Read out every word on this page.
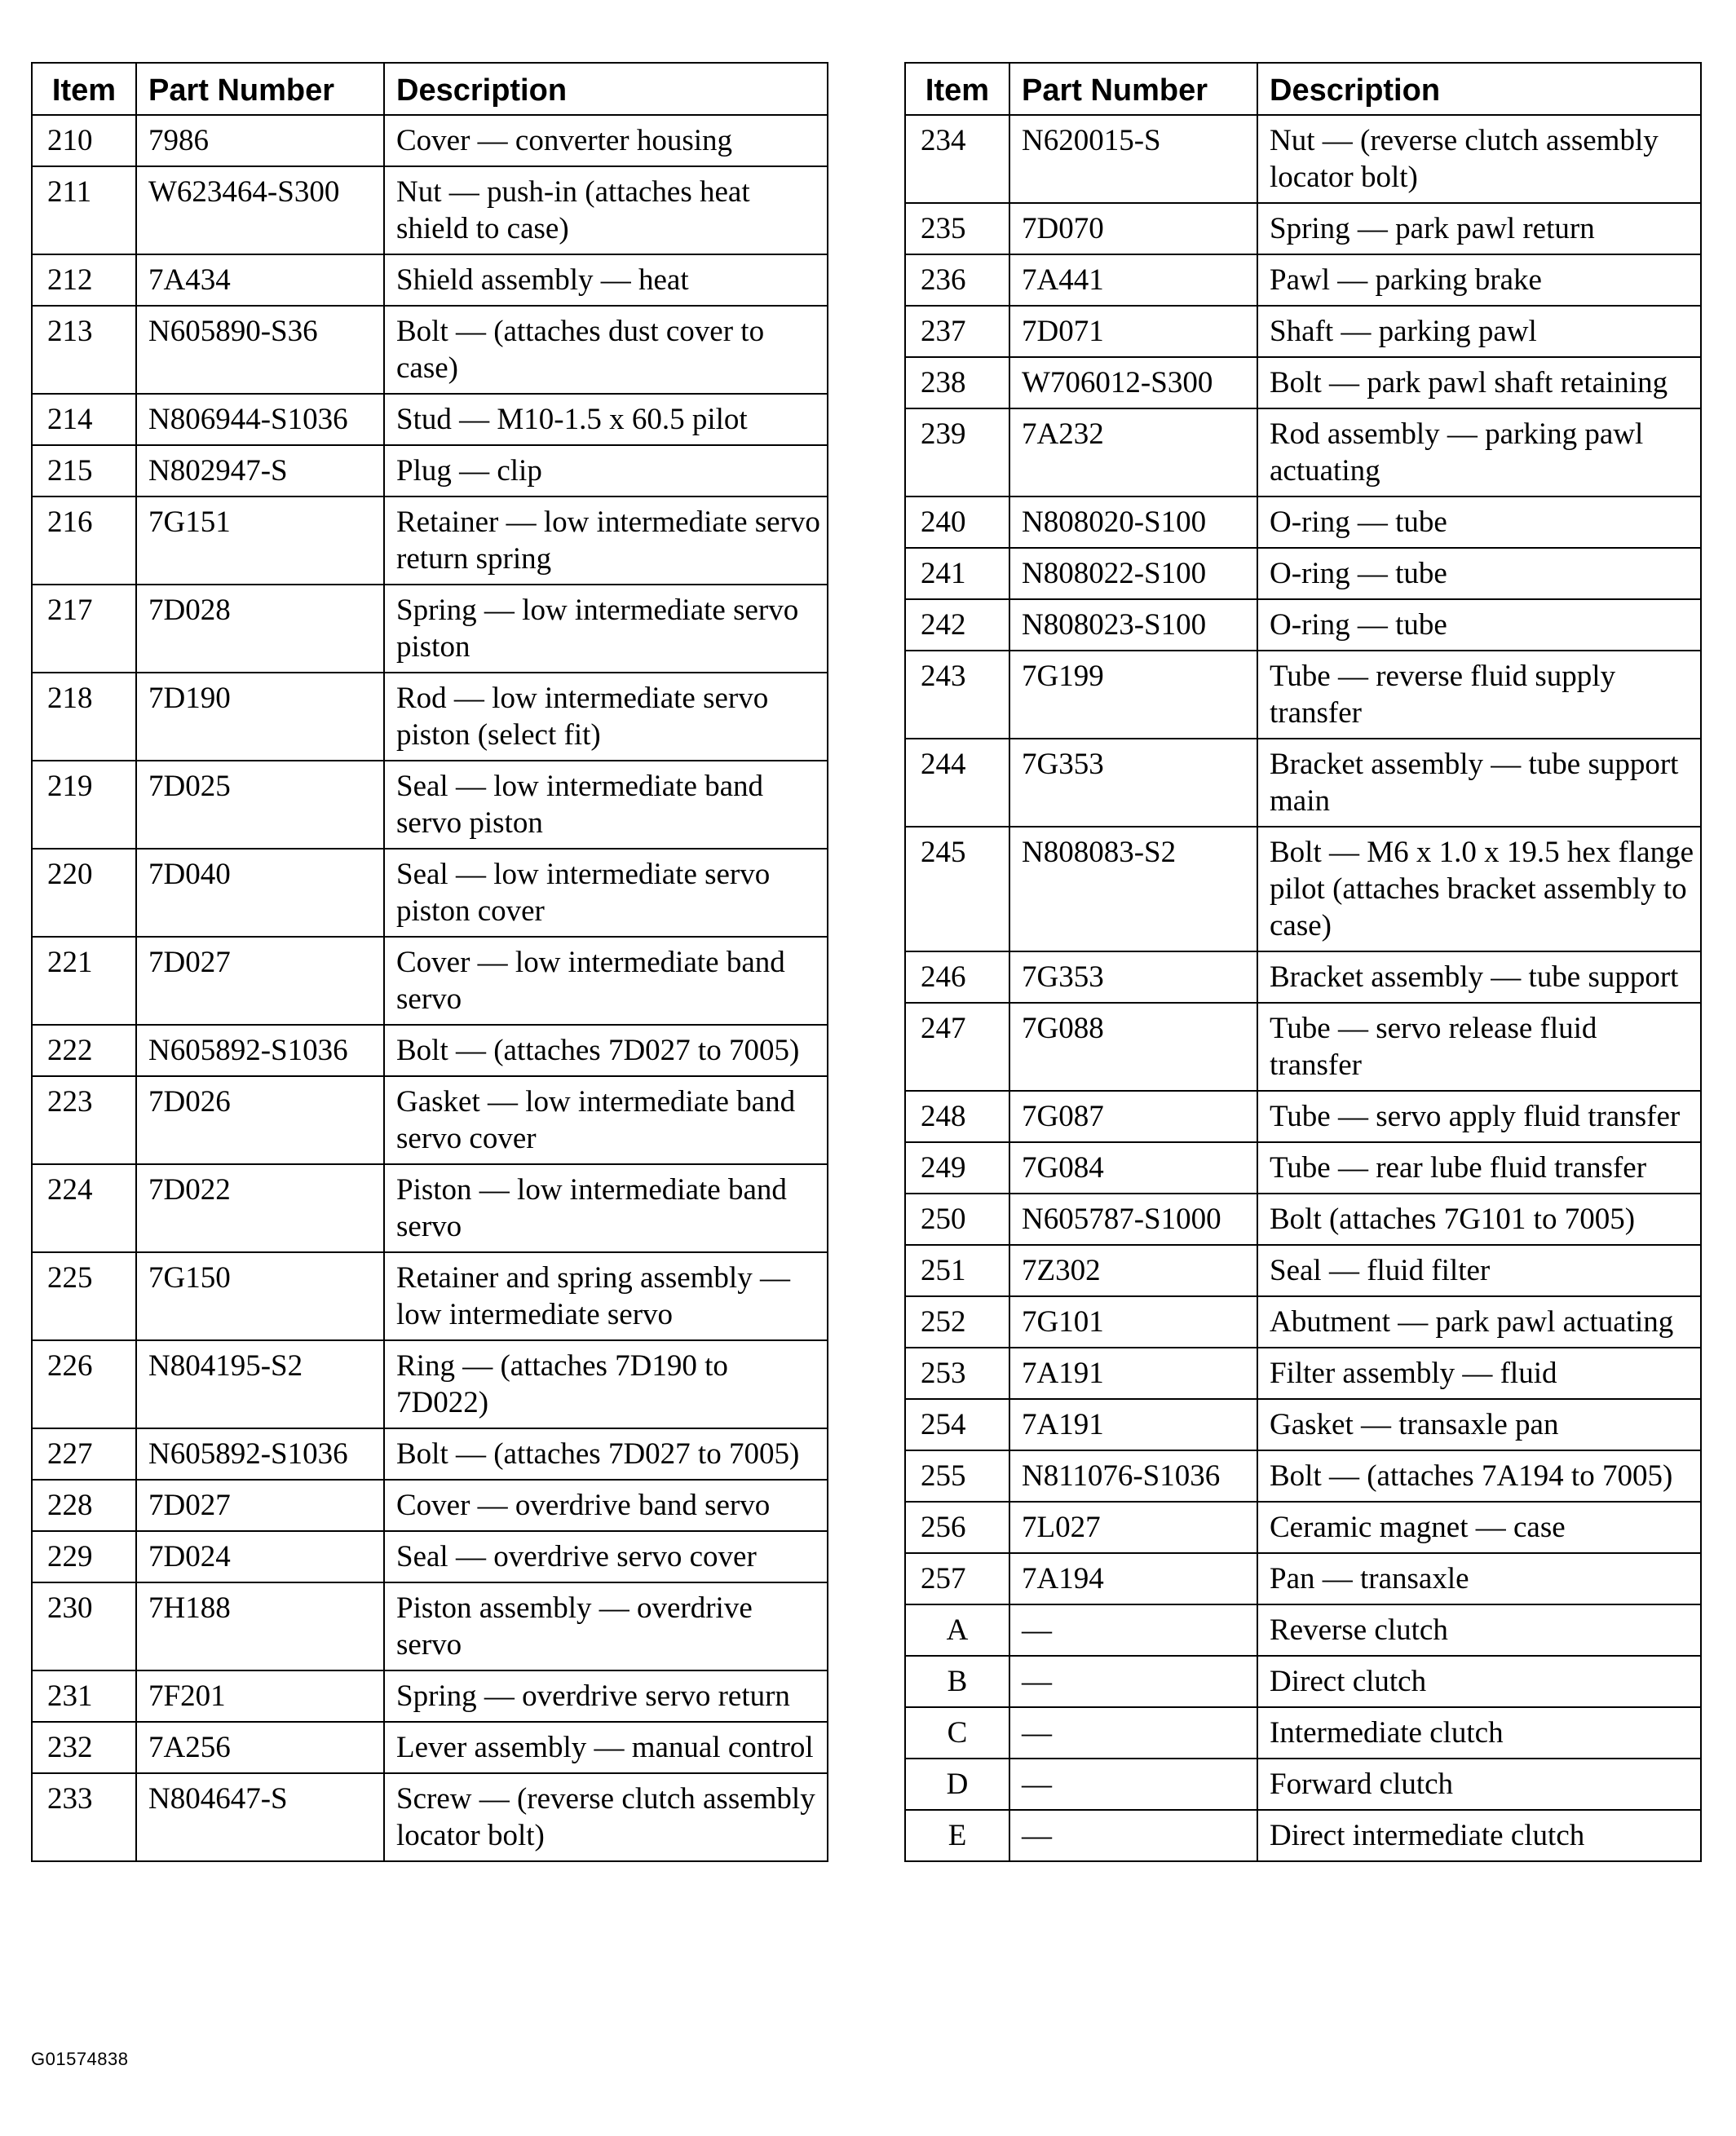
Item	Part Number	Description
210	7986	Cover — converter housing
211	W623464-S300	Nut — push-in (attaches heat shield to case)
212	7A434	Shield assembly — heat
213	N605890-S36	Bolt — (attaches dust cover to case)
214	N806944-S1036	Stud — M10-1.5 x 60.5 pilot
215	N802947-S	Plug — clip
216	7G151	Retainer — low intermediate servo return spring
217	7D028	Spring — low intermediate servo piston
218	7D190	Rod — low intermediate servo piston (select fit)
219	7D025	Seal — low intermediate band servo piston
220	7D040	Seal — low intermediate servo piston cover
221	7D027	Cover — low intermediate band servo
222	N605892-S1036	Bolt — (attaches 7D027 to 7005)
223	7D026	Gasket — low intermediate band servo cover
224	7D022	Piston — low intermediate band servo
225	7G150	Retainer and spring assembly — low intermediate servo
226	N804195-S2	Ring — (attaches 7D190 to 7D022)
227	N605892-S1036	Bolt — (attaches 7D027 to 7005)
228	7D027	Cover — overdrive band servo
229	7D024	Seal — overdrive servo cover
230	7H188	Piston assembly — overdrive servo
231	7F201	Spring — overdrive servo return
232	7A256	Lever assembly — manual control
233	N804647-S	Screw — (reverse clutch assembly locator bolt)
Item	Part Number	Description
234	N620015-S	Nut — (reverse clutch assembly locator bolt)
235	7D070	Spring — park pawl return
236	7A441	Pawl — parking brake
237	7D071	Shaft — parking pawl
238	W706012-S300	Bolt — park pawl shaft retaining
239	7A232	Rod assembly — parking pawl actuating
240	N808020-S100	O-ring — tube
241	N808022-S100	O-ring — tube
242	N808023-S100	O-ring — tube
243	7G199	Tube — reverse fluid supply transfer
244	7G353	Bracket assembly — tube support main
245	N808083-S2	Bolt — M6 x 1.0 x 19.5 hex flange pilot (attaches bracket assembly to case)
246	7G353	Bracket assembly — tube support
247	7G088	Tube — servo release fluid transfer
248	7G087	Tube — servo apply fluid transfer
249	7G084	Tube — rear lube fluid transfer
250	N605787-S1000	Bolt (attaches 7G101 to 7005)
251	7Z302	Seal — fluid filter
252	7G101	Abutment — park pawl actuating
253	7A191	Filter assembly — fluid
254	7A191	Gasket — transaxle pan
255	N811076-S1036	Bolt — (attaches 7A194 to 7005)
256	7L027	Ceramic magnet — case
257	7A194	Pan — transaxle
A	—	Reverse clutch
B	—	Direct clutch
C	—	Intermediate clutch
D	—	Forward clutch
E	—	Direct intermediate clutch
G01574838
